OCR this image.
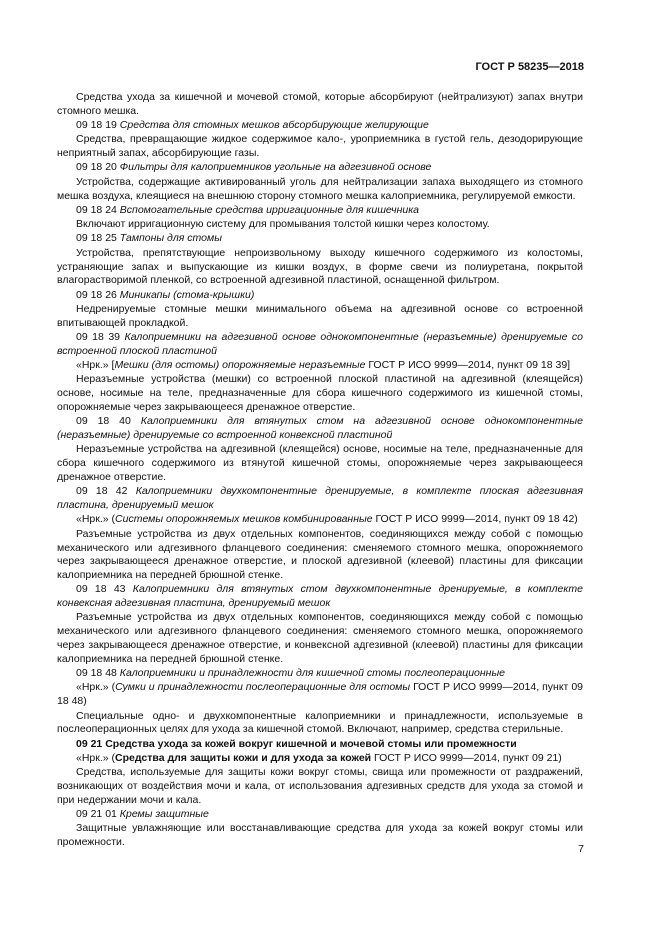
ГОСТ Р 58235—2018

Средства ухода за кишечной и мочевой стомой, которые абсорбируют (нейтрализуют) запах внутри стомного мешка.

09 18 19 Средства для стомных мешков абсорбирующие желирующие

Средства, превращающие жидкое содержимое кало-, уроприемника в густой гель, дезодорирующие неприятный запах, абсорбирующие газы.

09 18 20 Фильтры для калоприемников угольные на адгезивной основе

Устройства, содержащие активированный уголь для нейтрализации запаха выходящего из стомного мешка воздуха, клеящиеся на внешнюю сторону стомного мешка калоприемника, регулируемой емкости.

09 18 24 Вспомогательные средства ирригационные для кишечника

Включают ирригационную систему для промывания толстой кишки через колостому.

09 18 25 Тампоны для стомы

Устройства, препятствующие непроизвольному выходу кишечного содержимого из колостомы, устраняющие запах и выпускающие из кишки воздух, в форме свечи из полиуретана, покрытой влагорастворимой пленкой, со встроенной адгезивной пластиной, оснащенной фильтром.

09 18 26 Миникапы (стома-крышки)

Недренируемые стомные мешки минимального объема на адгезивной основе со встроенной впитывающей прокладкой.

09 18 39 Калоприемники на адгезивной основе однокомпонентные (неразъемные) дренируемые со встроенной плоской пластиной

«Нрк.» [Мешки (для остомы) опорожняемые неразъемные ГОСТ Р ИСО 9999—2014, пункт 09 18 39]

Неразъемные устройства (мешки) со встроенной плоской пластиной на адгезивной (клеящейся) основе, носимые на теле, предназначенные для сбора кишечного содержимого из кишечной стомы, опорожняемые через закрывающееся дренажное отверстие.

09 18 40 Калоприемники для втянутых стом на адгезивной основе однокомпонентные (неразъемные) дренируемые со встроенной конвексной пластиной

Неразъемные устройства на адгезивной (клеящейся) основе, носимые на теле, предназначенные для сбора кишечного содержимого из втянутой кишечной стомы, опорожняемые через закрывающееся дренажное отверстие.

09 18 42 Калоприемники двухкомпонентные дренируемые, в комплекте плоская адгезивная пластина, дренируемый мешок

«Нрк.» (Системы опорожняемых мешков комбинированные ГОСТ Р ИСО 9999—2014, пункт 09 18 42)

Разъемные устройства из двух отдельных компонентов, соединяющихся между собой с помощью механического или адгезивного фланцевого соединения: сменяемого стомного мешка, опорожняемого через закрывающееся дренажное отверстие, и плоской адгезивной (клеевой) пластины для фиксации калоприемника на передней брюшной стенке.

09 18 43 Калоприемники для втянутых стом двухкомпонентные дренируемые, в комплекте конвексная адгезивная пластина, дренируемый мешок

Разъемные устройства из двух отдельных компонентов, соединяющихся между собой с помощью механического или адгезивного фланцевого соединения: сменяемого стомного мешка, опорожняемого через закрывающееся дренажное отверстие, и конвексной адгезивной (клеевой) пластины для фиксации калоприемника на передней брюшной стенке.

09 18 48 Калоприемники и принадлежности для кишечной стомы послеоперационные

«Нрк.» (Сумки и принадлежности послеоперационные для остомы ГОСТ Р ИСО 9999—2014, пункт 09 18 48)

Специальные одно- и двухкомпонентные калоприемники и принадлежности, используемые в послеоперационных целях для ухода за кишечной стомой. Включают, например, средства стерильные.

09 21 Средства ухода за кожей вокруг кишечной и мочевой стомы или промежности

«Нрк.» (Средства для защиты кожи и для ухода за кожей ГОСТ Р ИСО 9999—2014, пункт 09 21)

Средства, используемые для защиты кожи вокруг стомы, свища или промежности от раздражений, возникающих от воздействия мочи и кала, от использования адгезивных средств для ухода за стомой и при недержании мочи и кала.

09 21 01 Кремы защитные

Защитные увлажняющие или восстанавливающие средства для ухода за кожей вокруг стомы или промежности.

7
